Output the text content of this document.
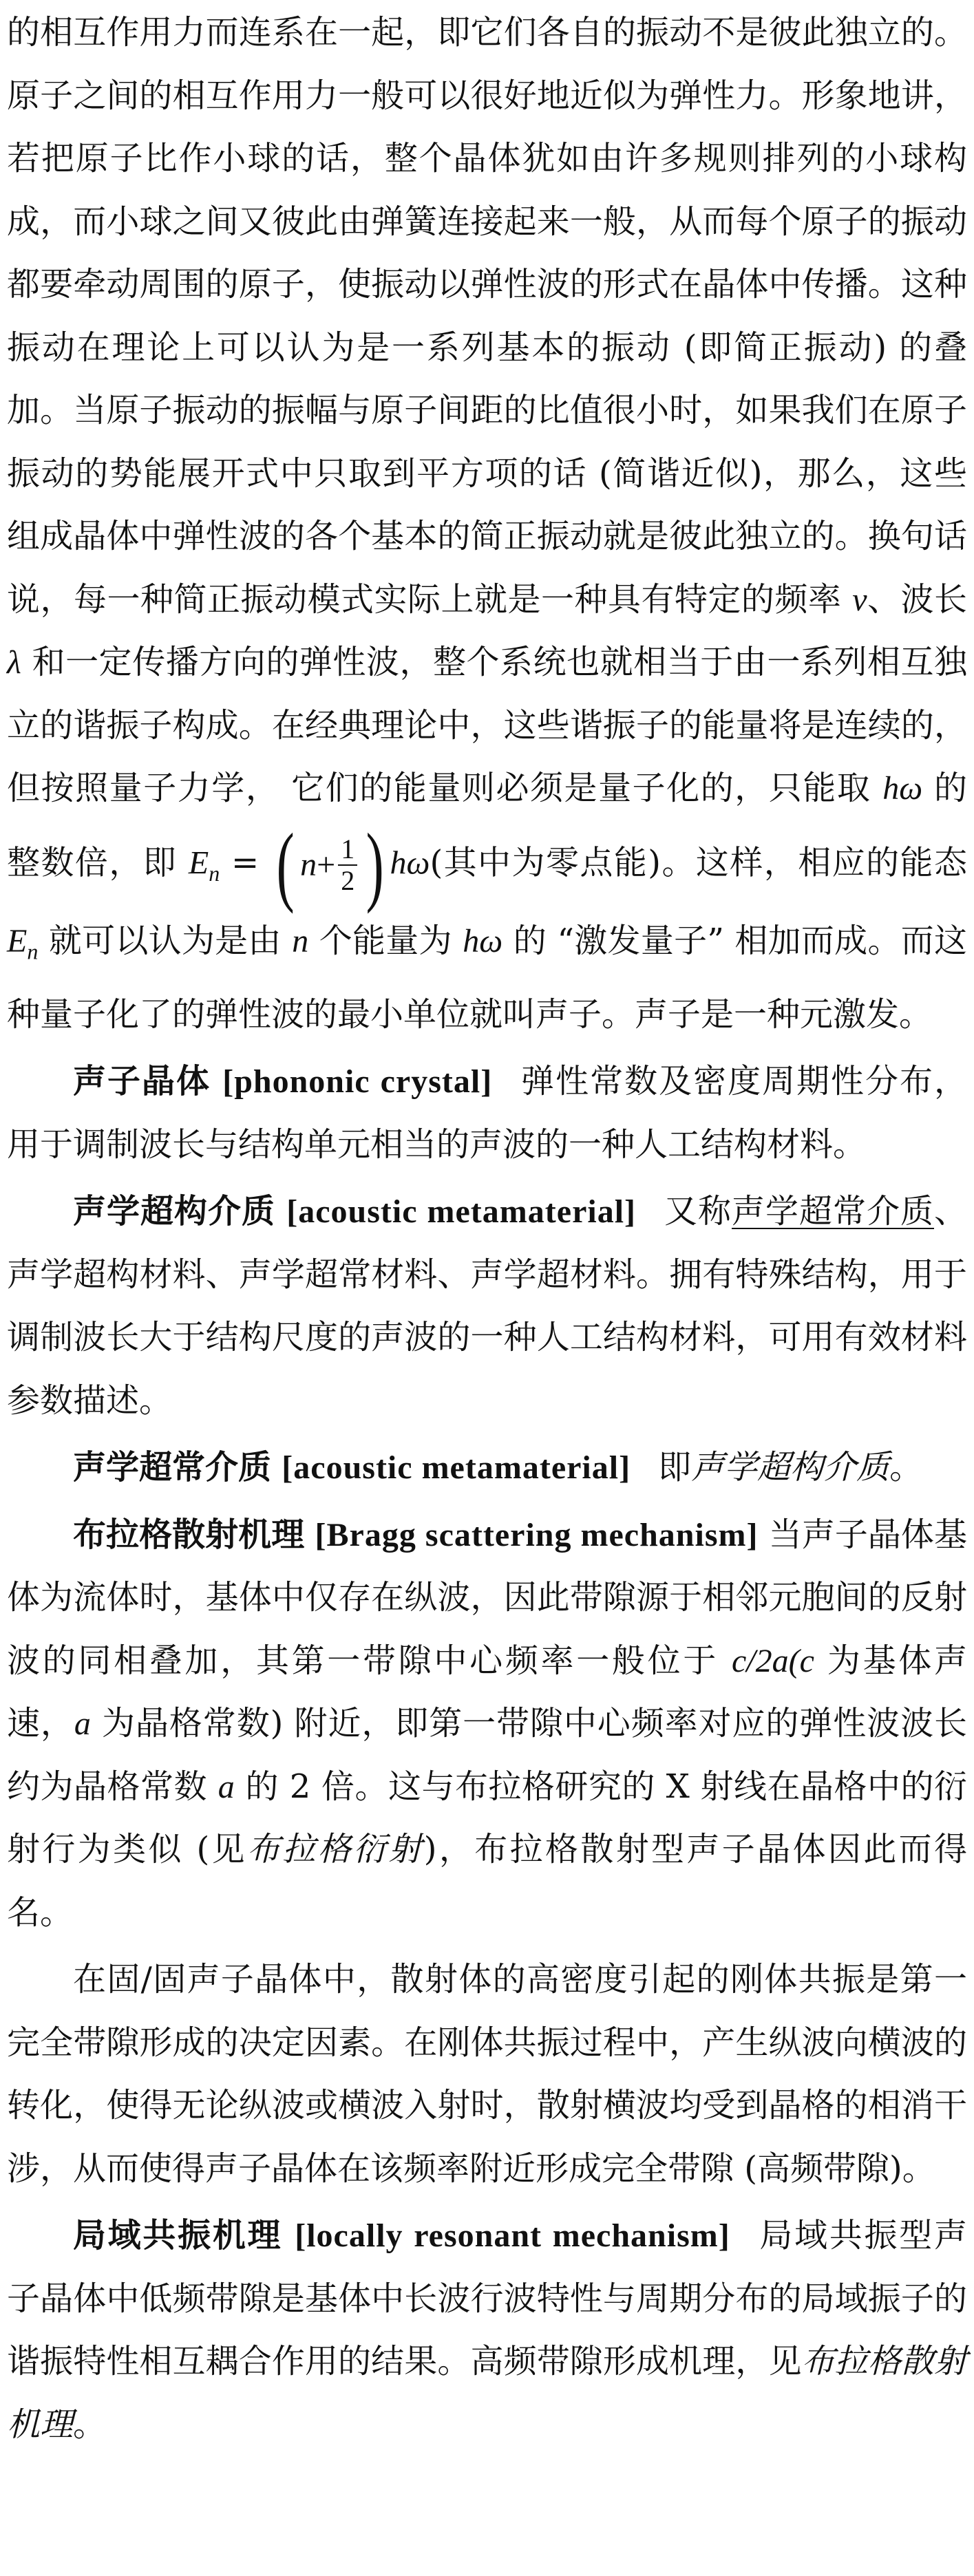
的相互作用力而连系在一起，即它们各自的振动不是彼此独立的。原子之间的相互作用力一般可以很好地近似为弹性力。形象地讲，若把原子比作小球的话，整个晶体犹如由许多规则排列的小球构成，而小球之间又彼此由弹簧连接起来一般，从而每个原子的振动都要牵动周围的原子，使振动以弹性波的形式在晶体中传播。这种振动在理论上可以认为是一系列基本的振动 (即简正振动) 的叠加。当原子振动的振幅与原子间距的比值很小时，如果我们在原子振动的势能展开式中只取到平方项的话 (简谐近似)，那么，这些组成晶体中弹性波的各个基本的简正振动就是彼此独立的。换句话说，每一种简正振动模式实际上就是一种具有特定的频率 ν、波长 λ 和一定传播方向的弹性波，整个系统也就相当于由一系列相互独立的谐振子构成。在经典理论中，这些谐振子的能量将是连续的，但按照量子力学， 它们的能量则必须是量子化的，只能取 hω 的整数倍，即 $E_n$ = ( $n + \frac{1}{2}$ ) hω(其中为零点能)。这样，相应的能态 $E_n$ 就可以认为是由 n 个能量为 hω 的 “激发量子” 相加而成。而这种量子化了的弹性波的最小单位就叫声子。声子是一种元激发。

声子晶体 [phononic crystal] 弹性常数及密度周期性分布，用于调制波长与结构单元相当的声波的一种人工结构材料。

声学超构介质 [acoustic metamaterial] 又称声学超常介质、声学超构材料、声学超常材料、声学超材料。拥有特殊结构，用于调制波长大于结构尺度的声波的一种人工结构材料，可用有效材料参数描述。

声学超常介质 [acoustic metamaterial] 即声学超构介质。

布拉格散射机理 [Bragg scattering mechanism] 当声子晶体基体为流体时，基体中仅存在纵波，因此带隙源于相邻元胞间的反射波的同相叠加，其第一带隙中心频率一般位于 c/2a(c 为基体声速，a 为晶格常数) 附近，即第一带隙中心频率对应的弹性波波长约为晶格常数 a 的 2 倍。这与布拉格研究的 X 射线在晶格中的衍射行为类似 (见布拉格衍射)，布拉格散射型声子晶体因此而得名。

在固/固声子晶体中，散射体的高密度引起的刚体共振是第一完全带隙形成的决定因素。在刚体共振过程中，产生纵波向横波的转化，使得无论纵波或横波入射时，散射横波均受到晶格的相消干涉，从而使得声子晶体在该频率附近形成完全带隙 (高频带隙)。

局域共振机理 [locally resonant mechanism] 局域共振型声子晶体中低频带隙是基体中长波行波特性与周期分布的局域振子的谐振特性相互耦合作用的结果。高频带隙形成机理，见布拉格散射机理。
